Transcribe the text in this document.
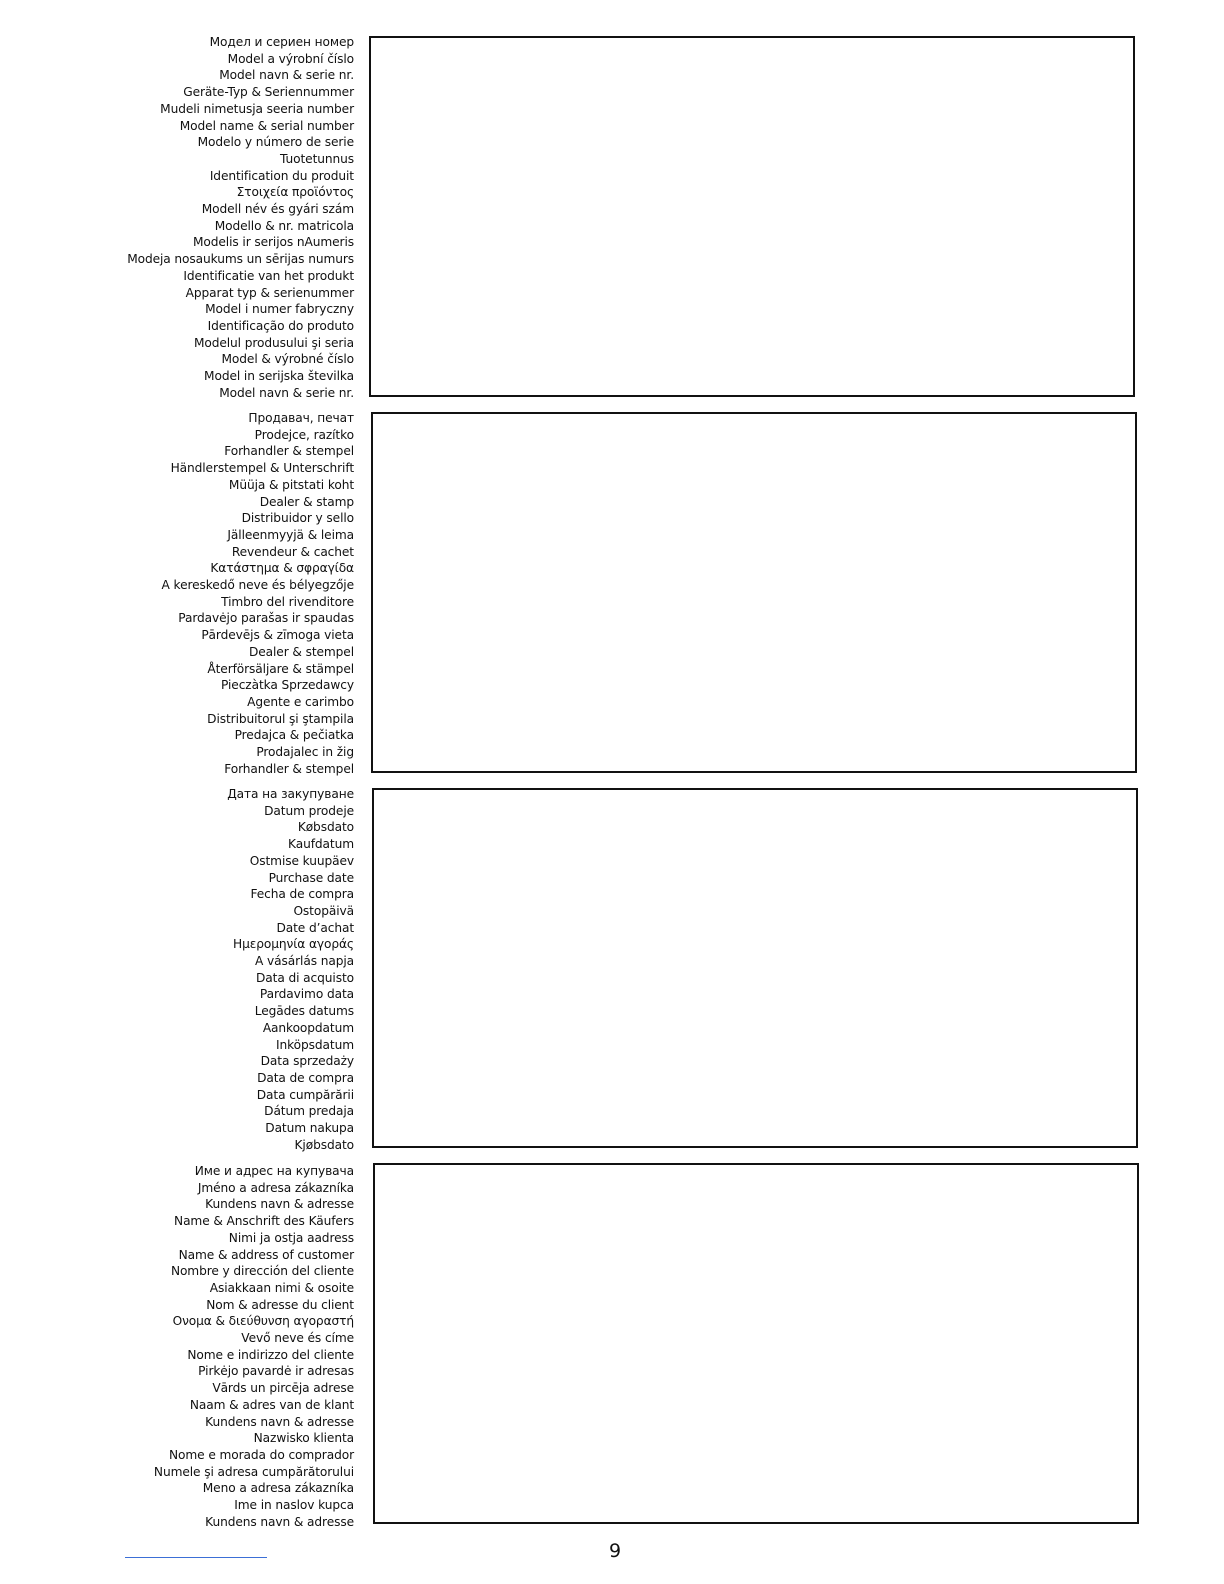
Модел и сериен номер
Model a výrobní číslo
Model navn & serie nr.
Geräte-Typ & Seriennummer
Mudeli nimetusja seeria number
Model name & serial number
Modelo y número de serie
Tuotetunnus
Identification du produit
Στοιχεία προϊόντος
Modell név és gyári szám
Modello & nr. matricola
Modelis ir serijos nAumeris
Modeja nosaukums un sērijas numurs
Identificatie van het produkt
Apparat typ & serienummer
Model i numer fabryczny
Identificação do produto
Modelul produsului şi seria
Model & výrobné číslo
Model in serijska številka
Model navn & serie nr.
Продавач, печат
Prodejce, razítko
Forhandler & stempel
Händlerstempel & Unterschrift
Müüja & pitstati koht
Dealer & stamp
Distribuidor y sello
Jälleenmyyjä & leima
Revendeur & cachet
Κατάστημα & σφραγίδα
A kereskedő neve és bélyegzője
Timbro del rivenditore
Pardavėjo parašas ir spaudas
Pārdevējs & zīmoga vieta
Dealer & stempel
Återförsäljare & stämpel
Pieczàtka Sprzedawcy
Agente e carimbo
Distribuitorul şi ştampila
Predajca & pečiatka
Prodajalec in žig
Forhandler & stempel
Дата на закупуване
Datum prodeje
Købsdato
Kaufdatum
Ostmise kuupäev
Purchase date
Fecha de compra
Ostopäivä
Date d’achat
Ημερομηνία αγοράς
A vásárlás napja
Data di acquisto
Pardavimo data
Legādes datums
Aankoopdatum
Inköpsdatum
Data sprzedaży
Data de compra
Data cumpărării
Dátum predaja
Datum nakupa
Kjøbsdato
Име и адрес на купувача
Jméno a adresa zákazníka
Kundens navn & adresse
Name & Anschrift des Käufers
Nimi ja ostja aadress
Name & address of customer
Nombre y dirección del cliente
Asiakkaan nimi & osoite
Nom & adresse du client
Ονομα & διεύθυνση αγοραστή
Vevő neve és címe
Nome e indirizzo del cliente
Pirkėjo pavardė ir adresas
Vārds un pircēja adrese
Naam & adres van de klant
Kundens navn & adresse
Nazwisko klienta
Nome e morada do comprador
Numele şi adresa cumpărătorului
Meno a adresa zákazníka
Ime in naslov kupca
Kundens navn & adresse
9
